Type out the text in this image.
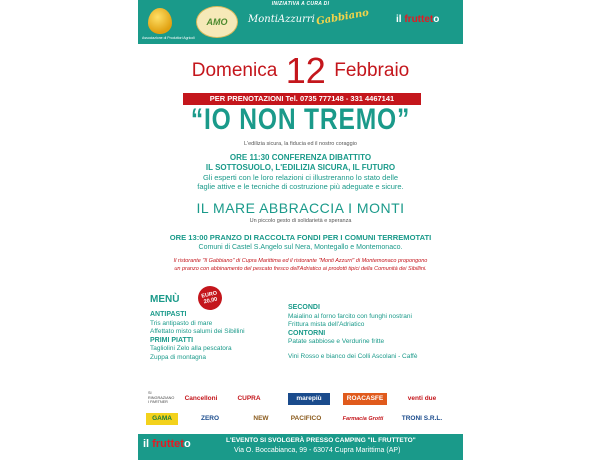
INIZIATIVA A CURA DI
Associazione di Produttori Agricoli
AMO	MontiAzzurri Gabbiano	il frutteto
Domenica 12 Febbraio
PER PRENOTAZIONI Tel. 0735 777148 - 331 4467141
“IO NON TREMO”
L'edilizia sicura, la fiducia ed il nostro coraggio
ORE 11:30 CONFERENZA DIBATTITO
IL SOTTOSUOLO, L'EDILIZIA SICURA, IL FUTURO
Gli esperti con le loro relazioni ci illustreranno lo stato delle
faglie attive e le tecniche di costruzione più adeguate e sicure.
IL MARE ABBRACCIA I MONTI
Un piccolo gesto di solidarietà e speranza
ORE 13:00 PRANZO DI RACCOLTA FONDI PER I COMUNI TERREMOTATI
Comuni di Castel S.Angelo sul Nera, Montegallo e Montemonaco.
Il ristorante "Il Gabbiano" di Cupra Marittima ed il ristorante "Monti Azzurri" di Montemonaco propongono
un pranzo con abbinamento del pescato fresco dell'Adriatico ai prodotti tipici della Comunità dei Sibillini.
MENÙ	EURO 20,00
ANTIPASTI
Tris antipasto di mare
Affettato misto salumi dei Sibillini
PRIMI PIATTI
Tagliolini Zelo alla pescatora
Zuppa di montagna
SECONDI
Maialino al forno farcito con funghi nostrani
Frittura mista dell'Adriatico
CONTORNI
Patate sabbiose e Verdurine fritte
Vini Rosso e bianco dei Colli Ascolani - Caffè
SI RINGRAZIANO I PARTNER	Cancelloni	CUPRA	marepiù	ROACASFE	venti due
GAMA	ZERO	NEW	PACIFICO	Farmacia Grotti	TRONI S.R.L.
il frutteto	L'EVENTO SI SVOLGERÀ PRESSO CAMPING "IL FRUTTETO"
Via O. Boccabianca, 99 - 63074 Cupra Marittima (AP)
